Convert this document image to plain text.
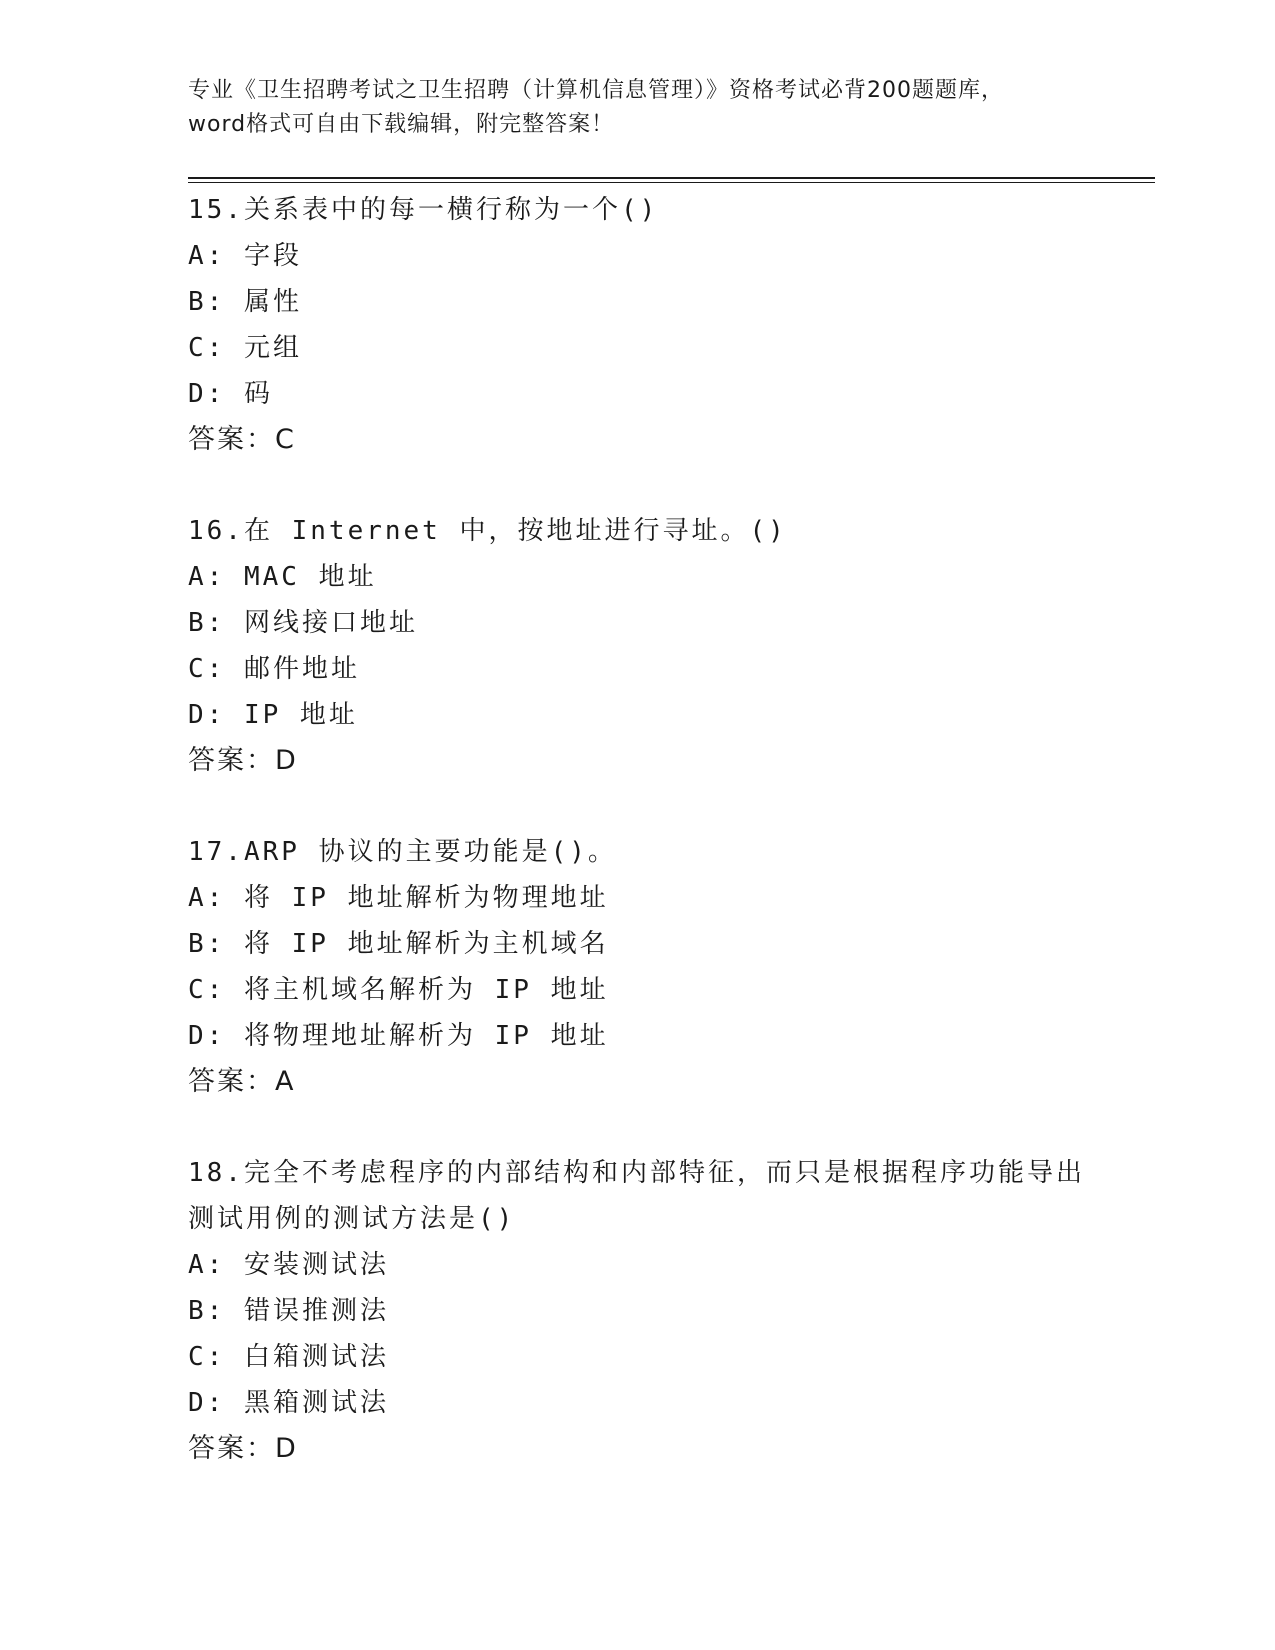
专业《卫生招聘考试之卫生招聘（计算机信息管理）》资格考试必背200题题库，
word格式可自由下载编辑，附完整答案！
15.关系表中的每一横行称为一个()
A: 字段
B: 属性
C: 元组
D: 码
答案：C
16.在 Internet 中，按地址进行寻址。()
A: MAC 地址
B: 网线接口地址
C: 邮件地址
D: IP 地址
答案：D
17.ARP 协议的主要功能是()。
A: 将 IP 地址解析为物理地址
B: 将 IP 地址解析为主机域名
C: 将主机域名解析为 IP 地址
D: 将物理地址解析为 IP 地址
答案：A
18.完全不考虑程序的内部结构和内部特征，而只是根据程序功能导出
测试用例的测试方法是()
A: 安装测试法
B: 错误推测法
C: 白箱测试法
D: 黑箱测试法
答案：D
